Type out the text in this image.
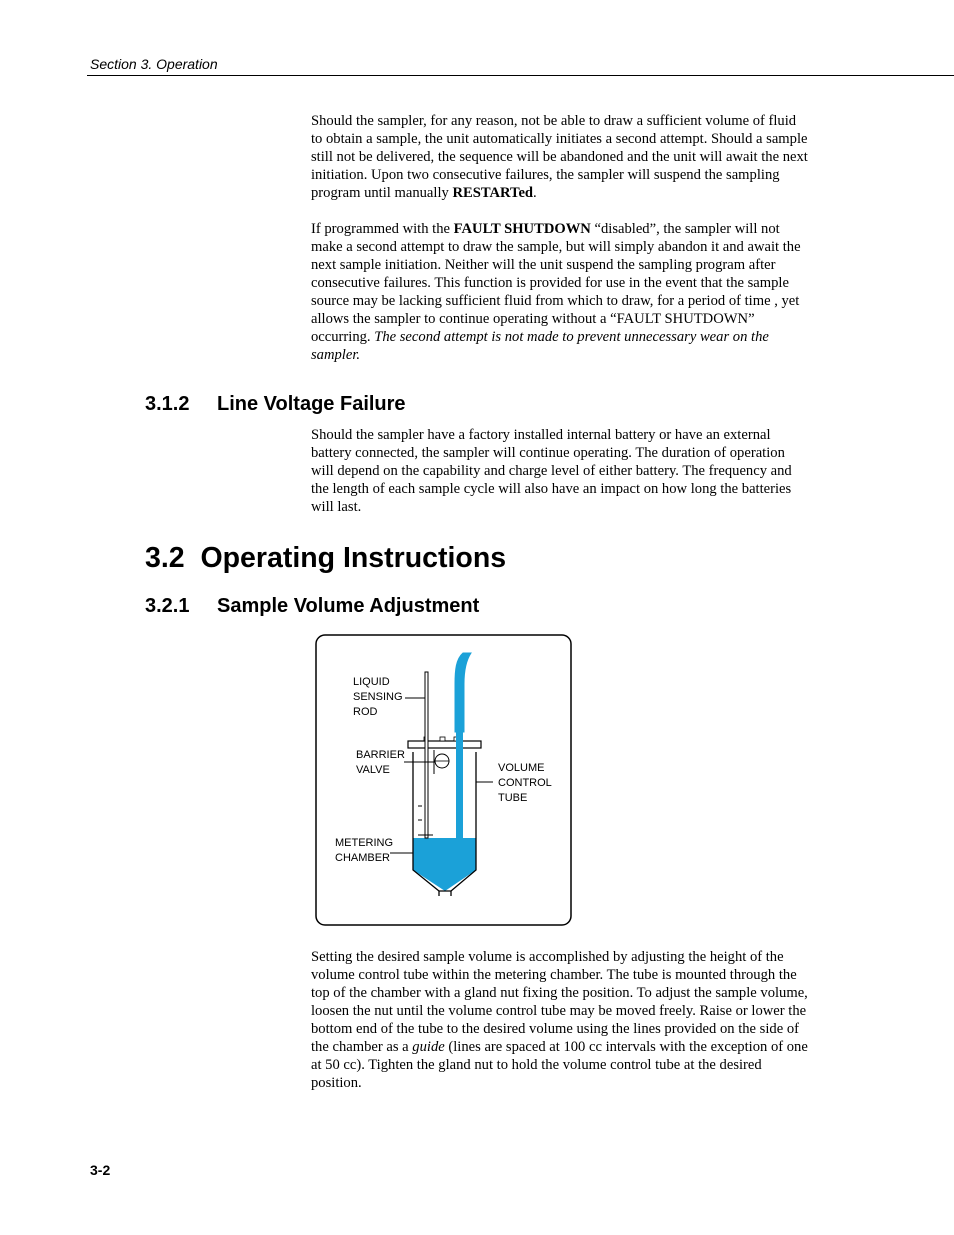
Section 3. Operation

Should the sampler, for any reason, not be able to draw a sufficient volume of fluid to obtain a sample, the unit automatically initiates a second attempt. Should a sample still not be delivered, the sequence will be abandoned and the unit will await the next initiation. Upon two consecutive failures, the sampler will suspend the sampling program until manually RESTARTed.

If programmed with the FAULT SHUTDOWN “disabled”, the sampler will not make a second attempt to draw the sample, but will simply abandon it and await the next sample initiation. Neither will the unit suspend the sampling program after consecutive failures. This function is provided for use in the event that the sample source may be lacking sufficient fluid from which to draw, for a period of time , yet allows the sampler to continue operating without a “FAULT SHUTDOWN” occurring. The second attempt is not made to prevent unnecessary wear on the sampler.

3.1.2 Line Voltage Failure

Should the sampler have a factory installed internal battery or have an external battery connected, the sampler will continue operating. The duration of operation will depend on the capability and charge level of either battery. The frequency and the length of each sample cycle will also have an impact on how long the batteries will last.

3.2 Operating Instructions
3.2.1 Sample Volume Adjustment
LIQUID
SENSING
ROD
BARRIER
VALVE	VOLUME
CONTROL
TUBE
METERING
CHAMBER

Setting the desired sample volume is accomplished by adjusting the height of the volume control tube within the metering chamber. The tube is mounted through the top of the chamber with a gland nut fixing the position. To adjust the sample volume, loosen the nut until the volume control tube may be moved freely. Raise or lower the bottom end of the tube to the desired volume using the lines provided on the side of the chamber as a guide (lines are spaced at 100 cc intervals with the exception of one at 50 cc). Tighten the gland nut to hold the volume control tube at the desired position.

3-2
